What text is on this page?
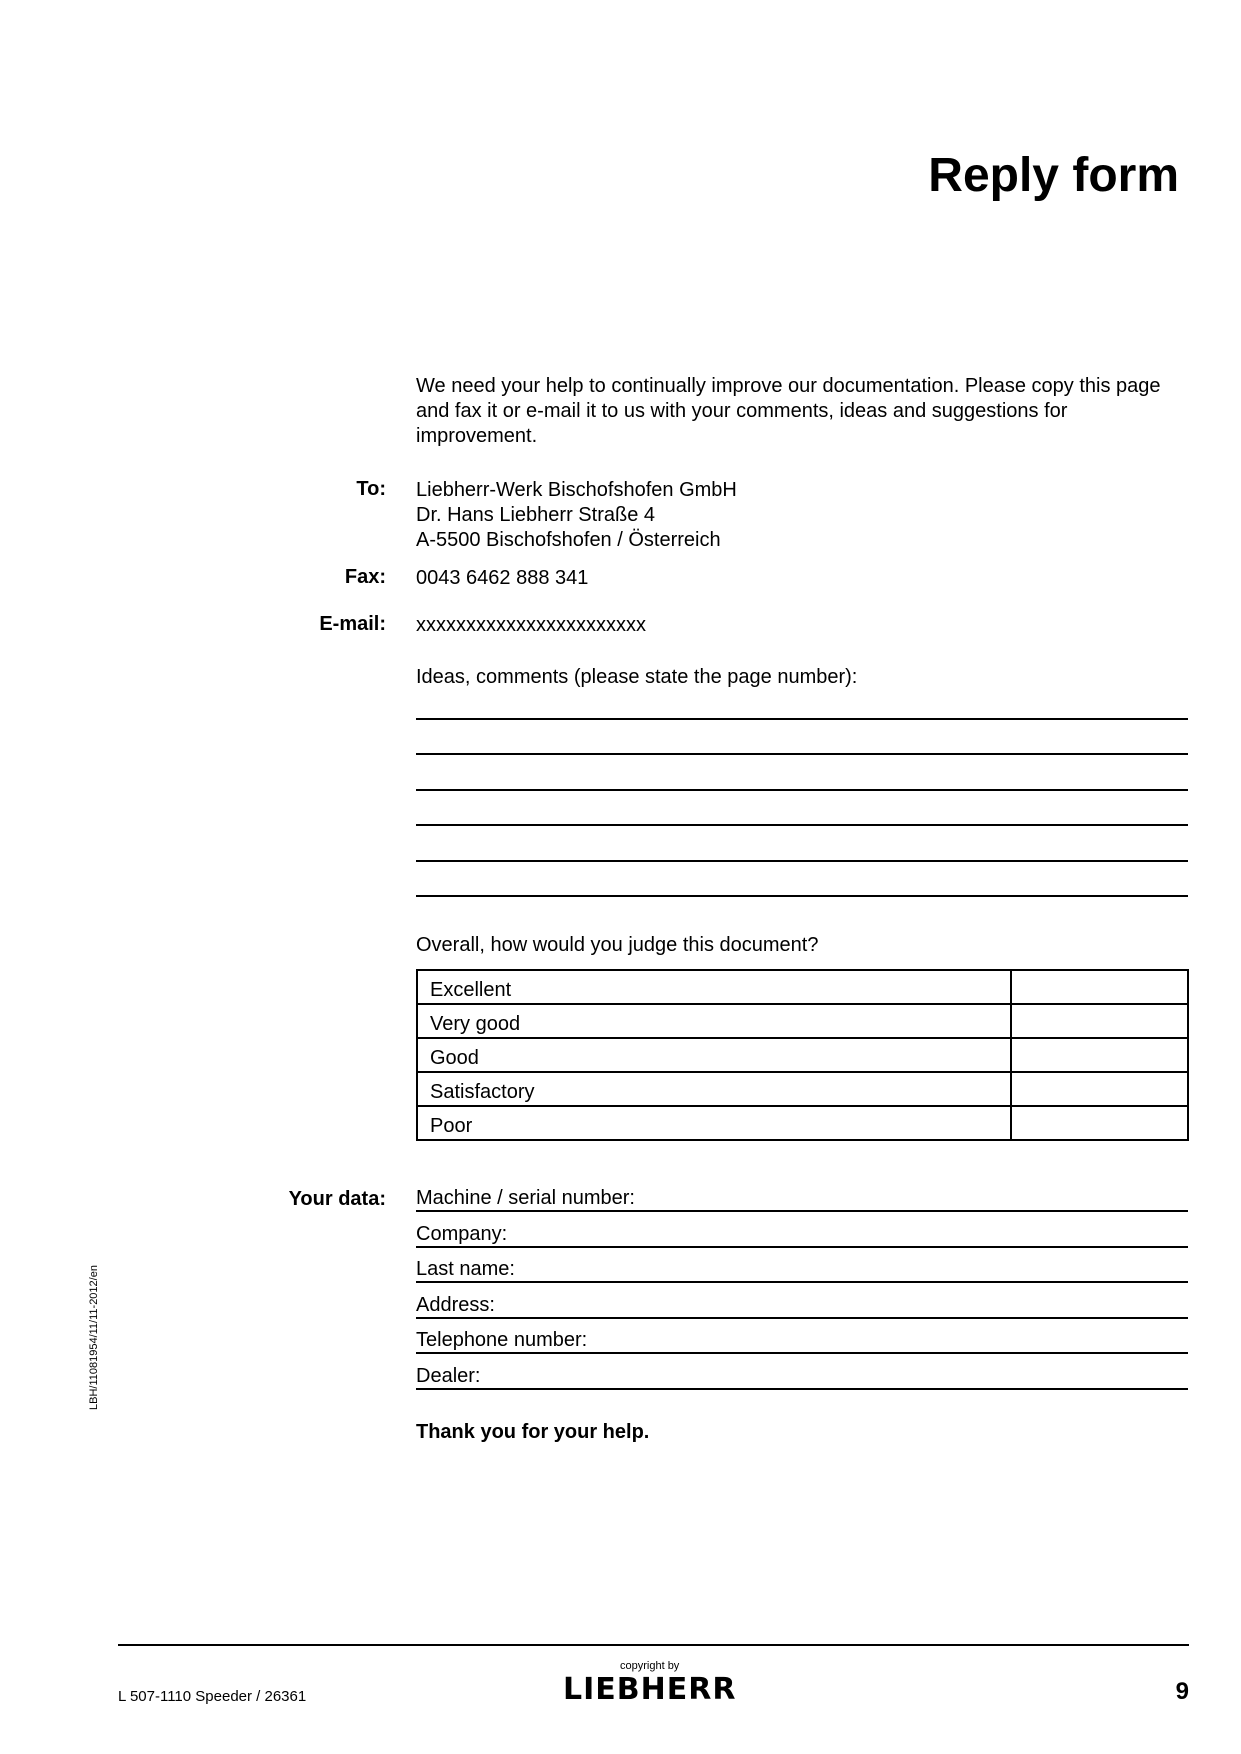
Reply form
We need your help to continually improve our documentation. Please copy this page and fax it or e-mail it to us with your comments, ideas and suggestions for improvement.
To: Liebherr-Werk Bischofshofen GmbH
Dr. Hans Liebherr Straße 4
A-5500 Bischofshofen / Österreich
Fax: 0043 6462 888 341
E-mail: xxxxxxxxxxxxxxxxxxxxxxx
Ideas, comments (please state the page number):
Overall, how would you judge this document?
Excellent	
Very good	
Good	
Satisfactory	
Poor	
Your data: Machine / serial number:
Company:
Last name:
Address:
Telephone number:
Dealer:
Thank you for your help.
LBH/11081954/11/11-2012/en
L 507-1110 Speeder / 26361
copyright by
LIEBHERR	9
